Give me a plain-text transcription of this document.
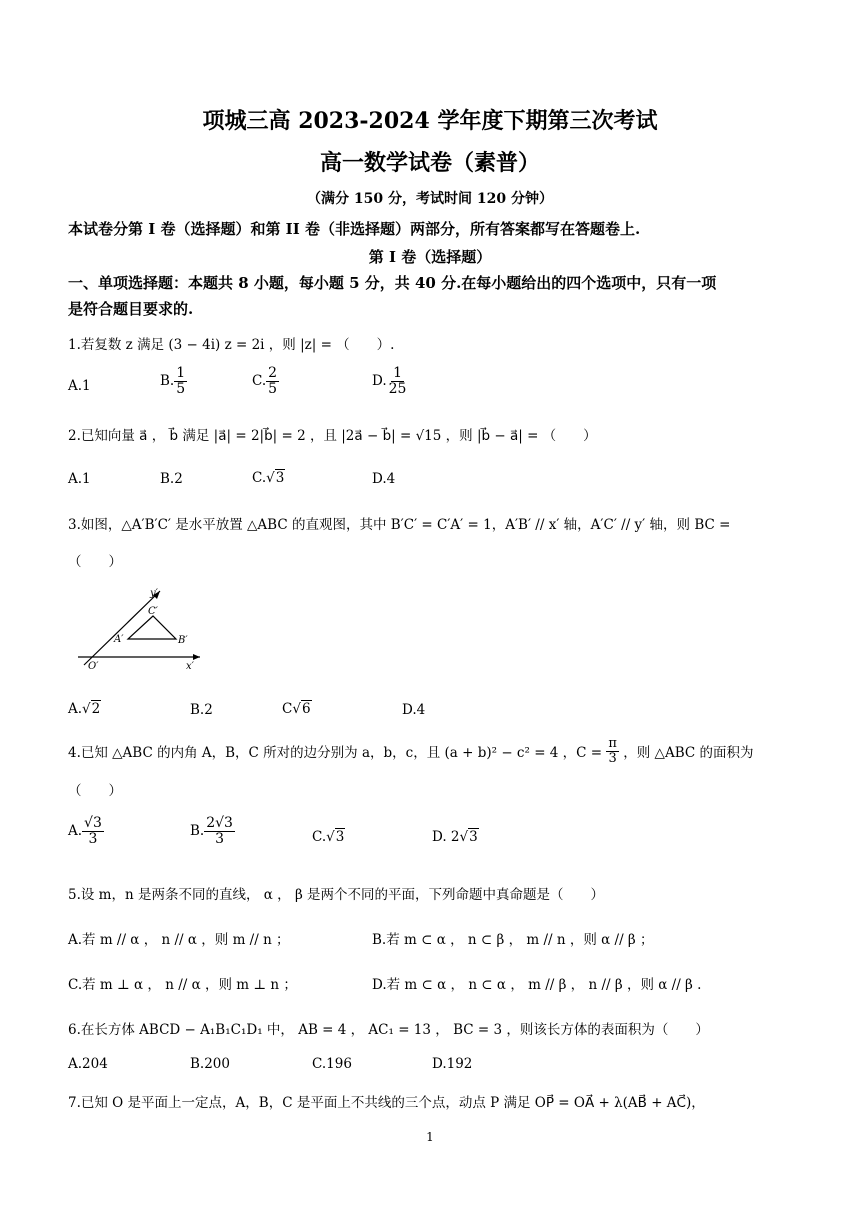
项城三高 2023-2024 学年度下期第三次考试
高一数学试卷（素普）
（满分 150 分，考试时间 120 分钟）
本试卷分第 I 卷（选择题）和第 II 卷（非选择题）两部分，所有答案都写在答题卷上.
第 I 卷（选择题）
一、单项选择题：本题共 8 小题，每小题 5 分，共 40 分.在每小题给出的四个选项中，只有一项
是符合题目要求的.
1.若复数 z 满足 (3 − 4i) z = 2i ，则 |z| = （　　）.
A.1	B. $\frac{1}{5}$	C. $\frac{2}{5}$	D. $\frac{1}{25}$
2.已知向量 a⃗ ， b⃗ 满足 |a⃗| = 2|b⃗| = 2 ，且 |2a⃗ − b⃗| = √15 ，则 |b⃗ − a⃗| = （　　）
A.1	B.2	C.√3	D.4
3.如图，△A′B′C′ 是水平放置 △ABC 的直观图，其中 B′C′ = C′A′ = 1，A′B′ // x′ 轴，A′C′ // y′ 轴，则 BC =
（　　）
y′
C′
A′	B′
O′	x′
A.√2	B.2	C√6	D.4
4.已知 △ABC 的内角 A，B，C 所对的边分别为 a，b，c，且 (a + b)² − c² = 4 ，$C = \frac{\pi}{3}$ ，则 △ABC 的面积为
（　　）
A. $\frac{√3}{3}$	B. $\frac{2√3}{3}$	C.√3	D. 2√3
5.设 m，n 是两条不同的直线， α ， β 是两个不同的平面，下列命题中真命题是（　　）
A.若 m // α ， n // α ，则 m // n ；	B.若 m ⊂ α ， n ⊂ β ， m // n ，则 α // β ；
C.若 m ⊥ α ， n // α ，则 m ⊥ n ；	D.若 m ⊂ α ， n ⊂ α ， m // β ， n // β ，则 α // β .
6.在长方体 ABCD − A₁B₁C₁D₁ 中， AB = 4 ， AC₁ = 13 ， BC = 3 ，则该长方体的表面积为（　　）
A.204	B.200	C.196	D.192
7.已知 O 是平面上一定点，A，B，C 是平面上不共线的三个点，动点 P 满足 OP⃗ = OA⃗ + λ(AB⃗ + AC⃗)，
1
